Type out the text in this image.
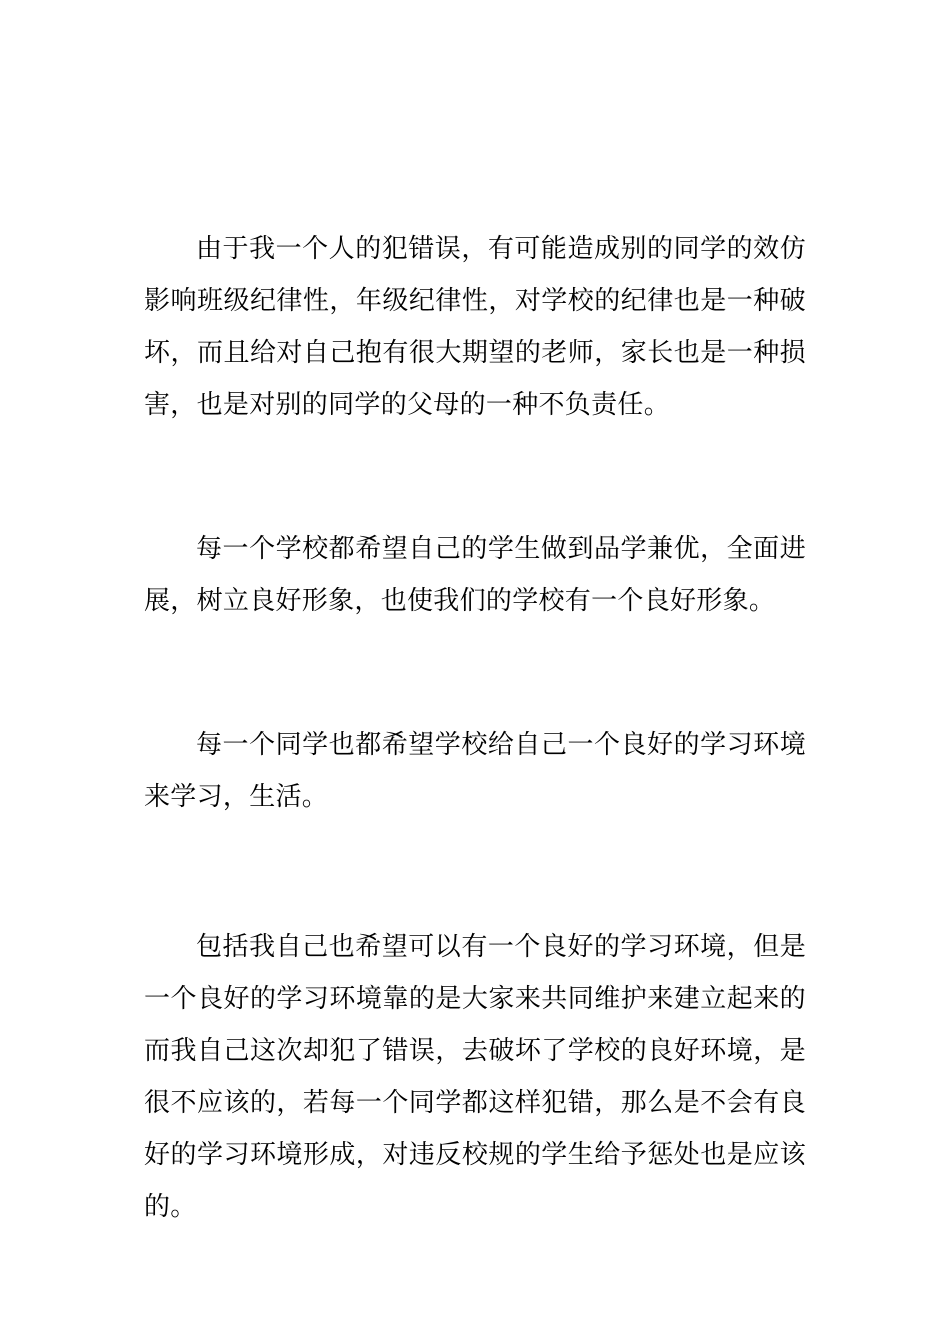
由于我一个人的犯错误，有可能造成别的同学的效仿影响班级纪律性，年级纪律性，对学校的纪律也是一种破坏，而且给对自己抱有很大期望的老师，家长也是一种损害，也是对别的同学的父母的一种不负责任。

每一个学校都希望自己的学生做到品学兼优，全面进展，树立良好形象，也使我们的学校有一个良好形象。

每一个同学也都希望学校给自己一个良好的学习环境来学习，生活。

包括我自己也希望可以有一个良好的学习环境，但是一个良好的学习环境靠的是大家来共同维护来建立起来的而我自己这次却犯了错误，去破坏了学校的良好环境，是很不应该的，若每一个同学都这样犯错，那么是不会有良好的学习环境形成，对违反校规的学生给予惩处也是应该的。
